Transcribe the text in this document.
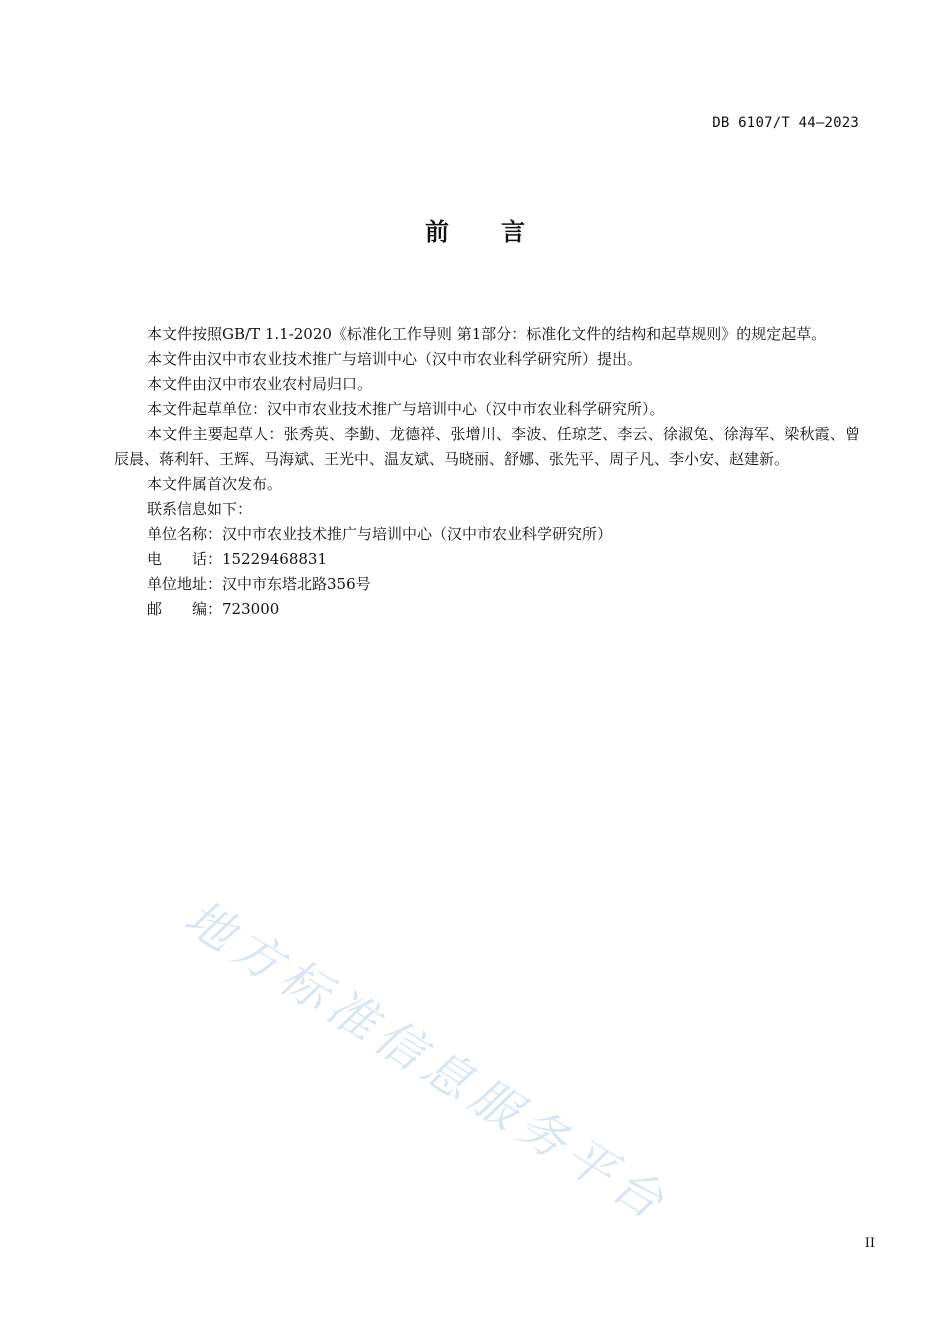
DB 6107/T 44—2023
前 言

本文件按照GB/T 1.1-2020《标准化工作导则 第1部分：标准化文件的结构和起草规则》的规定起草。

本文件由汉中市农业技术推广与培训中心（汉中市农业科学研究所）提出。

本文件由汉中市农业农村局归口。

本文件起草单位：汉中市农业技术推广与培训中心（汉中市农业科学研究所）。

本文件主要起草人：张秀英、李勤、龙德祥、张增川、李波、任琼芝、李云、徐淑兔、徐海军、梁秋霞、曾辰晨、蒋利轩、王辉、马海斌、王光中、温友斌、马晓丽、舒娜、张先平、周子凡、李小安、赵建新。

本文件属首次发布。

联系信息如下：

单位名称：汉中市农业技术推广与培训中心（汉中市农业科学研究所）

电　　话：15229468831

单位地址：汉中市东塔北路356号

邮　　编：723000

地方标准信息服务平台
II
